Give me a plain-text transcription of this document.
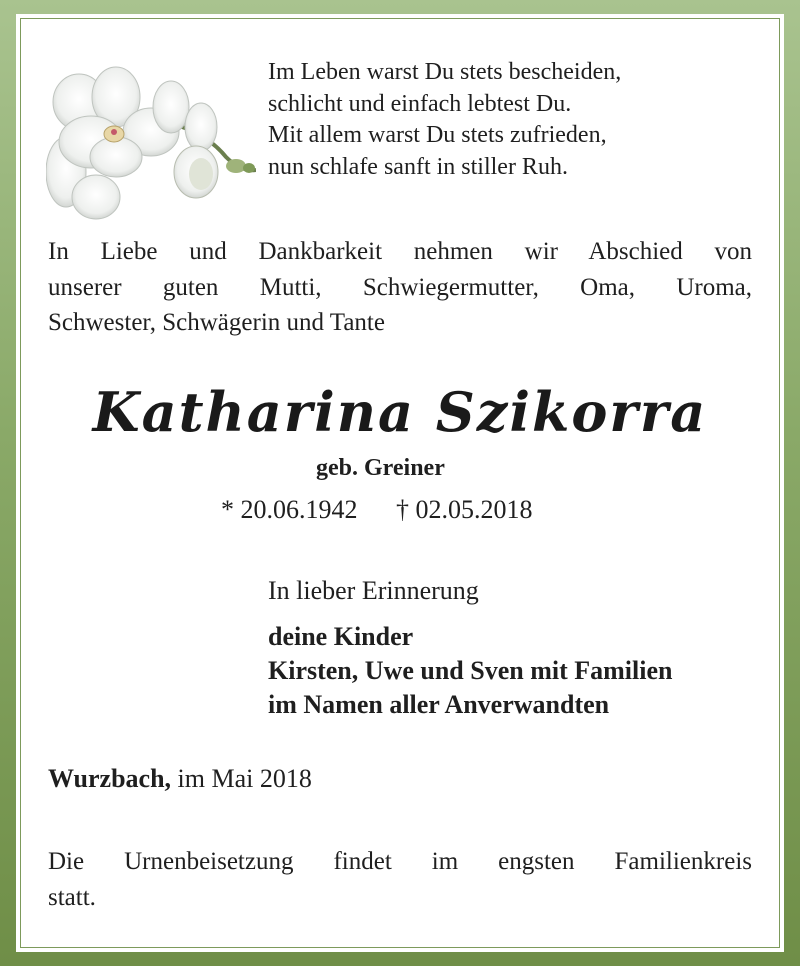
Im Leben warst Du stets bescheiden,
schlicht und einfach lebtest Du.
Mit allem warst Du stets zufrieden,
nun schlafe sanft in stiller Ruh.
In Liebe und Dankbarkeit nehmen wir Abschied von
unserer guten Mutti, Schwiegermutter, Oma, Uroma,
Schwester, Schwägerin und Tante
Katharina Szikorra
geb. Greiner
* 20.06.1942 † 02.05.2018
In lieber Erinnerung
deine Kinder
Kirsten, Uwe und Sven mit Familien
im Namen aller Anverwandten
Wurzbach, im Mai 2018
Die Urnenbeisetzung findet im engsten Familienkreis
statt.
